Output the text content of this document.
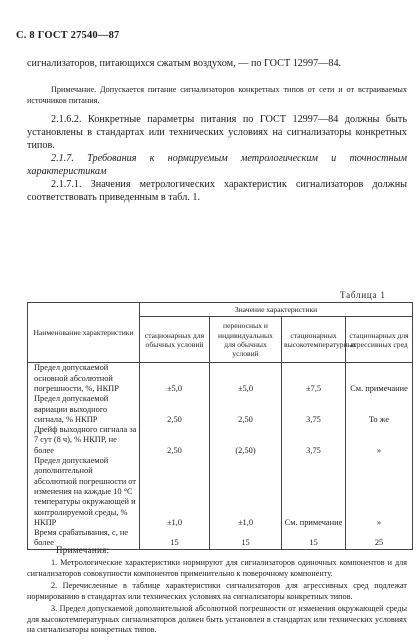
С. 8 ГОСТ 27540—87

сигнализаторов, питающихся сжатым воздухом, — по ГОСТ 12997—84.

Примечание. Допускается питание сигнализаторов конкретных типов от сети и от встраиваемых источников питания.

2.1.6.2. Конкретные параметры питания по ГОСТ 12997—84 должны быть установлены в стандартах или технических условиях на сигнализаторы конкретных типов.

2.1.7. Требования к нормируемым метрологическим и точностным характеристикам

2.1.7.1. Значения метрологических характеристик сигнализаторов должны соответствовать приведенным в табл. 1.

Таблица 1
Наименование характеристики	Значение характеристики			
	стационарных для обычных условий	переносных и индивидуальных для обычных условий	стационарных высокотемпературных	стационарных для агрессивных сред
Предел допускаемой основной абсолютной погрешности, %, НКПР	±5,0	±5,0	±7,5	См. примечание
Предел допускаемой вариации выходного сигнала, % НКПР	2,50	2,50	3,75	То же
Дрейф выходного сигнала за 7 сут (8 ч), % НКПР, не более	2,50	(2,50)	3,75	»
Предел допускаемой дополнительной абсолютной погрешности от изменения на каждые 10 °С температуры окружающей и контролируемой среды, % НКПР	±1,0	±1,0	См. примечание	»
Время срабатывания, с, не более	15	15	15	25
Примечания:

1. Метрологические характеристики нормируют для сигнализаторов одиночных компонентов и для сигнализаторов совокупности компонентов применительно к поверочному компоненту.

2. Перечисленные в таблице характеристики сигнализаторов для агрессивных сред подлежат нормированию в стандартах или технических условиях на сигнализаторы конкретных типов.

3. Предел допускаемой дополнительной абсолютной погрешности от изменения окружающей среды для высокотемпературных сигнализаторов должен быть установлен в стандартах или технических условиях на сигнализаторы конкретных типов.
